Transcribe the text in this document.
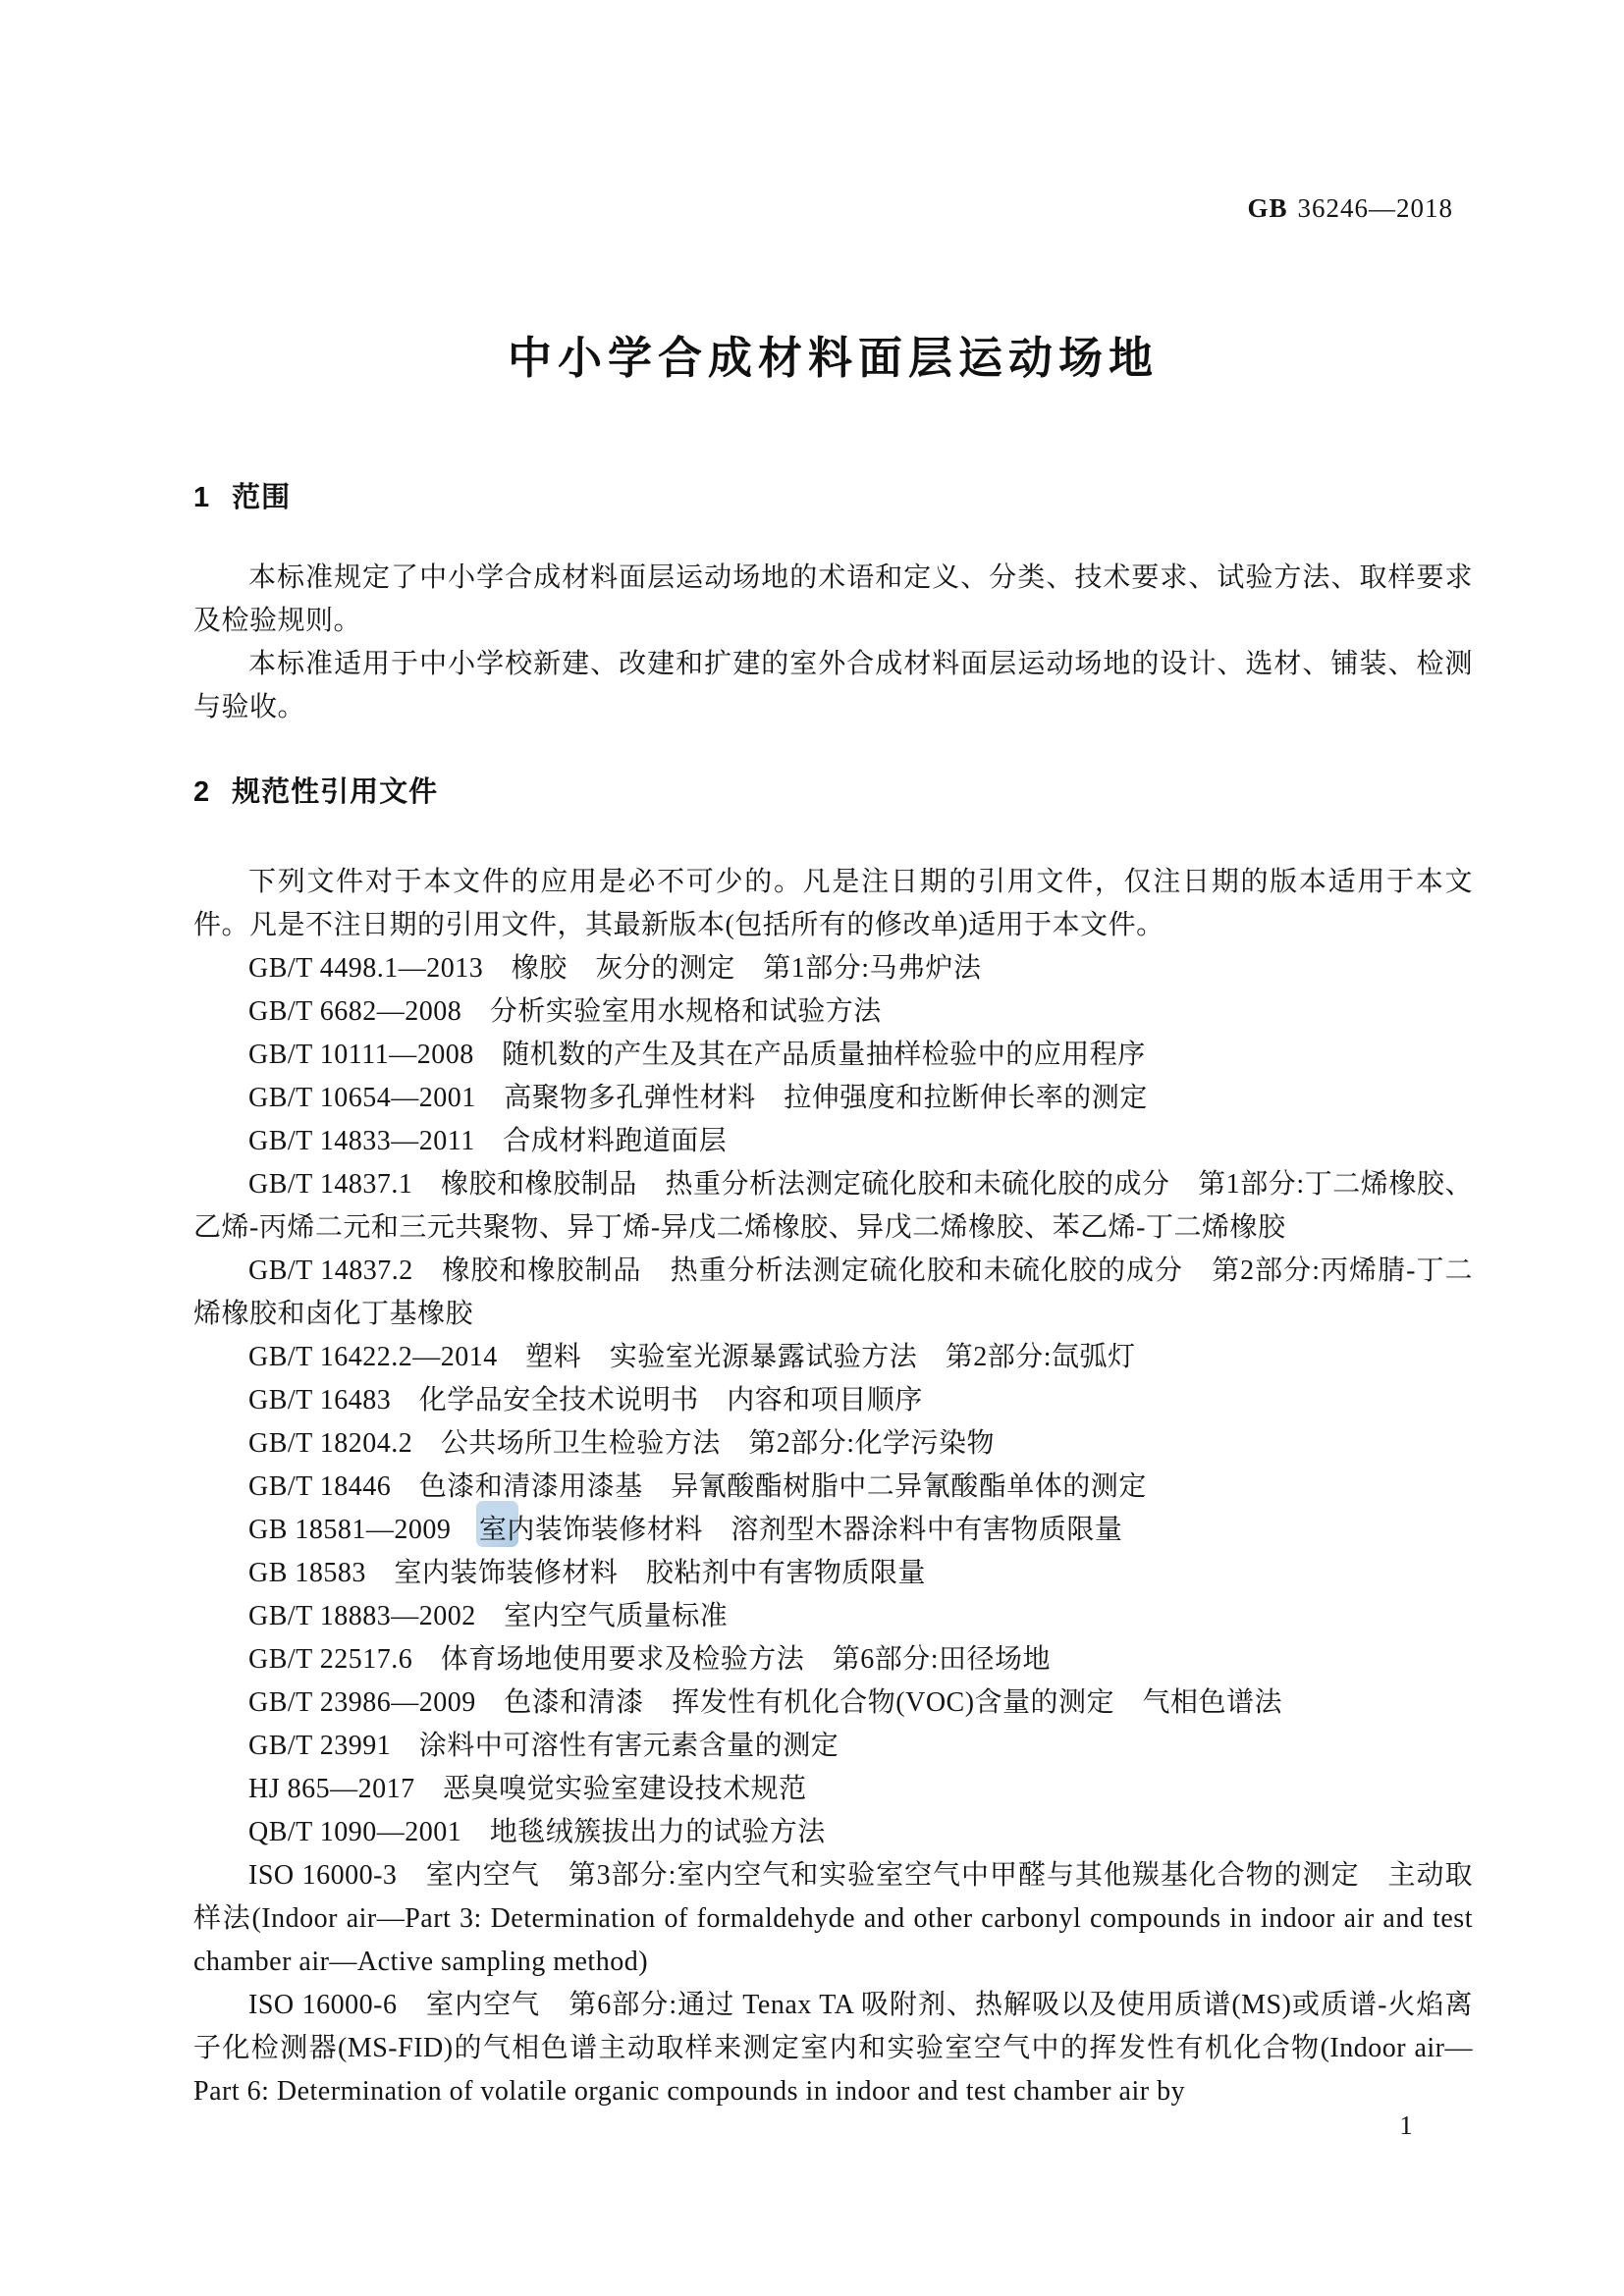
GB 36246—2018
中小学合成材料面层运动场地
1 范围

本标准规定了中小学合成材料面层运动场地的术语和定义、分类、技术要求、试验方法、取样要求及检验规则。

本标准适用于中小学校新建、改建和扩建的室外合成材料面层运动场地的设计、选材、铺装、检测与验收。

2 规范性引用文件

下列文件对于本文件的应用是必不可少的。凡是注日期的引用文件，仅注日期的版本适用于本文件。凡是不注日期的引用文件，其最新版本(包括所有的修改单)适用于本文件。

GB/T 4498.1—2013　橡胶　灰分的测定　第1部分:马弗炉法

GB/T 6682—2008　分析实验室用水规格和试验方法

GB/T 10111—2008　随机数的产生及其在产品质量抽样检验中的应用程序

GB/T 10654—2001　高聚物多孔弹性材料　拉伸强度和拉断伸长率的测定

GB/T 14833—2011　合成材料跑道面层

GB/T 14837.1　橡胶和橡胶制品　热重分析法测定硫化胶和未硫化胶的成分　第1部分:丁二烯橡胶、乙烯-丙烯二元和三元共聚物、异丁烯-异戊二烯橡胶、异戊二烯橡胶、苯乙烯-丁二烯橡胶

GB/T 14837.2　橡胶和橡胶制品　热重分析法测定硫化胶和未硫化胶的成分　第2部分:丙烯腈-丁二烯橡胶和卤化丁基橡胶

GB/T 16422.2—2014　塑料　实验室光源暴露试验方法　第2部分:氙弧灯

GB/T 16483　化学品安全技术说明书　内容和项目顺序

GB/T 18204.2　公共场所卫生检验方法　第2部分:化学污染物

GB/T 18446　色漆和清漆用漆基　异氰酸酯树脂中二异氰酸酯单体的测定

GB 18581—2009　室内装饰装修材料　溶剂型木器涂料中有害物质限量

GB 18583　室内装饰装修材料　胶粘剂中有害物质限量

GB/T 18883—2002　室内空气质量标准

GB/T 22517.6　体育场地使用要求及检验方法　第6部分:田径场地

GB/T 23986—2009　色漆和清漆　挥发性有机化合物(VOC)含量的测定　气相色谱法

GB/T 23991　涂料中可溶性有害元素含量的测定

HJ 865—2017　恶臭嗅觉实验室建设技术规范

QB/T 1090—2001　地毯绒簇拔出力的试验方法

ISO 16000-3　室内空气　第3部分:室内空气和实验室空气中甲醛与其他羰基化合物的测定　主动取样法(Indoor air—Part 3: Determination of formaldehyde and other carbonyl compounds in indoor air and test chamber air—Active sampling method)

ISO 16000-6　室内空气　第6部分:通过 Tenax TA 吸附剂、热解吸以及使用质谱(MS)或质谱-火焰离子化检测器(MS-FID)的气相色谱主动取样来测定室内和实验室空气中的挥发性有机化合物(Indoor air—Part 6: Determination of volatile organic compounds in indoor and test chamber air by

1
